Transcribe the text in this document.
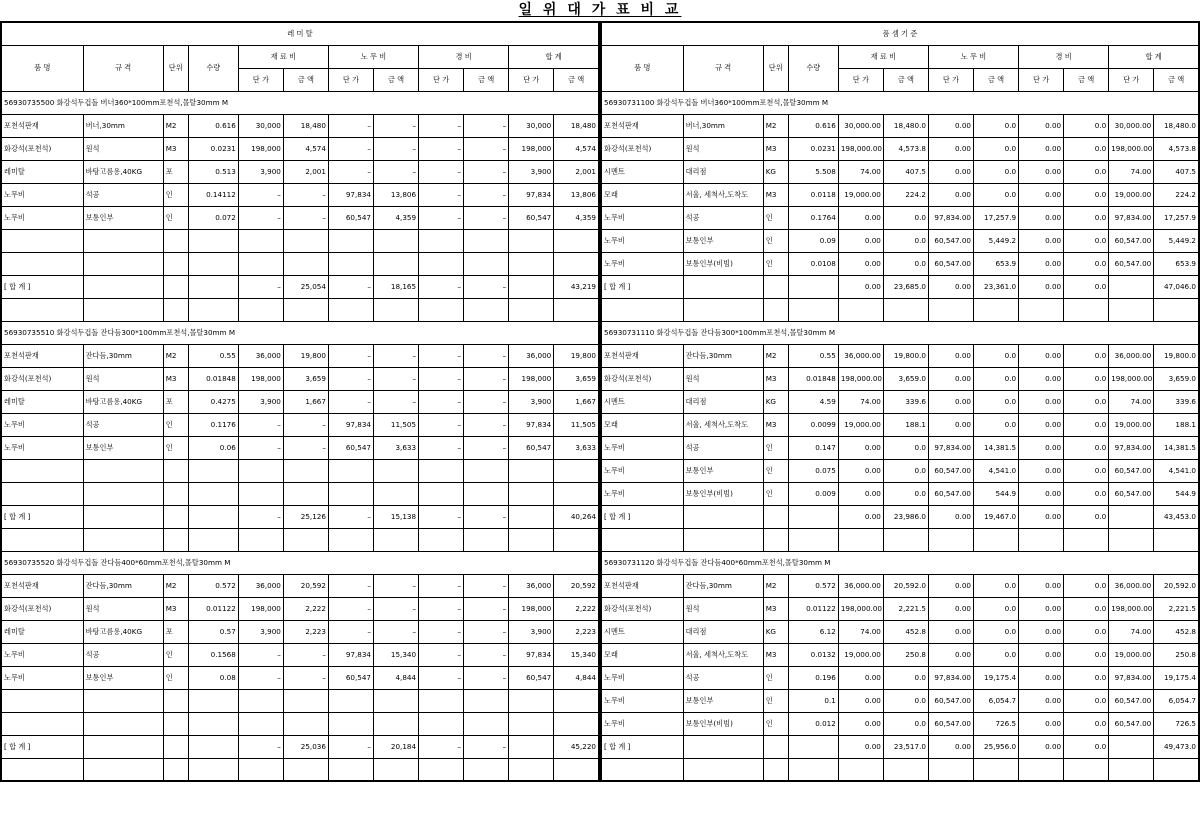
일 위 대 가 표 비 교
레 미 탈											
품 명	규 격	단위	수량	재 료 비		노 무 비		경 비		합 계	
				단 가	금 액	단 가	금 액	단 가	금 액	단 가	금 액
56930735500 화강석두겁돌 버너360*100mm포천석,몰탈30mm M											
포천석판재	버너,30mm	M2	0.616	30,000	18,480	–	–	–	–	30,000	18,480
화강석(포천석)	원석	M3	0.0231	198,000	4,574	–	–	–	–	198,000	4,574
레미탈	바탕고름용,40KG	포	0.513	3,900	2,001	–	–	–	–	3,900	2,001
노무비	석공	인	0.14112	–	–	97,834	13,806	–	–	97,834	13,806
노무비	보통인부	인	0.072	–	–	60,547	4,359	–	–	60,547	4,359

[ 합 계 ]				–	25,054	–	18,165	–	–		43,219

56930735510 화강석두겁돌 잔다듬300*100mm포천석,몰탈30mm M											
포천석판재	잔다듬,30mm	M2	0.55	36,000	19,800	–	–	–	–	36,000	19,800
화강석(포천석)	원석	M3	0.01848	198,000	3,659	–	–	–	–	198,000	3,659
레미탈	바탕고름용,40KG	포	0.4275	3,900	1,667	–	–	–	–	3,900	1,667
노무비	석공	인	0.1176	–	–	97,834	11,505	–	–	97,834	11,505
노무비	보통인부	인	0.06	–	–	60,547	3,633	–	–	60,547	3,633

[ 합 계 ]				–	25,126	–	15,138	–	–		40,264

56930735520 화강석두겁돌 잔다듬400*60mm포천석,몰탈30mm M											
포천석판재	잔다듬,30mm	M2	0.572	36,000	20,592	–	–	–	–	36,000	20,592
화강석(포천석)	원석	M3	0.01122	198,000	2,222	–	–	–	–	198,000	2,222
레미탈	바탕고름용,40KG	포	0.57	3,900	2,223	–	–	–	–	3,900	2,223
노무비	석공	인	0.1568	–	–	97,834	15,340	–	–	97,834	15,340
노무비	보통인부	인	0.08	–	–	60,547	4,844	–	–	60,547	4,844

[ 합 계 ]				–	25,036	–	20,184	–	–		45,220

품 셈 기 준											
품 명	규 격	단위	수량	재 료 비		노 무 비		경 비		합 계	
				단 가	금 액	단 가	금 액	단 가	금 액	단 가	금 액
56930731100 화강석두겁돌 버너360*100mm포천석,몰탈30mm M											
포천석판재	버너,30mm	M2	0.616	30,000.00	18,480.0	0.00	0.0	0.00	0.0	30,000.00	18,480.0
화강석(포천석)	원석	M3	0.0231	198,000.00	4,573.8	0.00	0.0	0.00	0.0	198,000.00	4,573.8
시멘트	대리점	KG	5.508	74.00	407.5	0.00	0.0	0.00	0.0	74.00	407.5
모래	서울, 세척사,도착도	M3	0.0118	19,000.00	224.2	0.00	0.0	0.00	0.0	19,000.00	224.2
노무비	석공	인	0.1764	0.00	0.0	97,834.00	17,257.9	0.00	0.0	97,834.00	17,257.9
노무비	보통인부	인	0.09	0.00	0.0	60,547.00	5,449.2	0.00	0.0	60,547.00	5,449.2
노무비	보통인부(비빔)	인	0.0108	0.00	0.0	60,547.00	653.9	0.00	0.0	60,547.00	653.9
[ 합 계 ]				0.00	23,685.0	0.00	23,361.0	0.00	0.0		47,046.0

56930731110 화강석두겁돌 잔다듬300*100mm포천석,몰탈30mm M											
포천석판재	잔다듬,30mm	M2	0.55	36,000.00	19,800.0	0.00	0.0	0.00	0.0	36,000.00	19,800.0
화강석(포천석)	원석	M3	0.01848	198,000.00	3,659.0	0.00	0.0	0.00	0.0	198,000.00	3,659.0
시멘트	대리점	KG	4.59	74.00	339.6	0.00	0.0	0.00	0.0	74.00	339.6
모래	서울, 세척사,도착도	M3	0.0099	19,000.00	188.1	0.00	0.0	0.00	0.0	19,000.00	188.1
노무비	석공	인	0.147	0.00	0.0	97,834.00	14,381.5	0.00	0.0	97,834.00	14,381.5
노무비	보통인부	인	0.075	0.00	0.0	60,547.00	4,541.0	0.00	0.0	60,547.00	4,541.0
노무비	보통인부(비빔)	인	0.009	0.00	0.0	60,547.00	544.9	0.00	0.0	60,547.00	544.9
[ 합 계 ]				0.00	23,986.0	0.00	19,467.0	0.00	0.0		43,453.0

56930731120 화강석두겁돌 잔다듬400*60mm포천석,몰탈30mm M											
포천석판재	잔다듬,30mm	M2	0.572	36,000.00	20,592.0	0.00	0.0	0.00	0.0	36,000.00	20,592.0
화강석(포천석)	원석	M3	0.01122	198,000.00	2,221.5	0.00	0.0	0.00	0.0	198,000.00	2,221.5
시멘트	대리점	KG	6.12	74.00	452.8	0.00	0.0	0.00	0.0	74.00	452.8
모래	서울, 세척사,도착도	M3	0.0132	19,000.00	250.8	0.00	0.0	0.00	0.0	19,000.00	250.8
노무비	석공	인	0.196	0.00	0.0	97,834.00	19,175.4	0.00	0.0	97,834.00	19,175.4
노무비	보통인부	인	0.1	0.00	0.0	60,547.00	6,054.7	0.00	0.0	60,547.00	6,054.7
노무비	보통인부(비빔)	인	0.012	0.00	0.0	60,547.00	726.5	0.00	0.0	60,547.00	726.5
[ 합 계 ]				0.00	23,517.0	0.00	25,956.0	0.00	0.0		49,473.0
